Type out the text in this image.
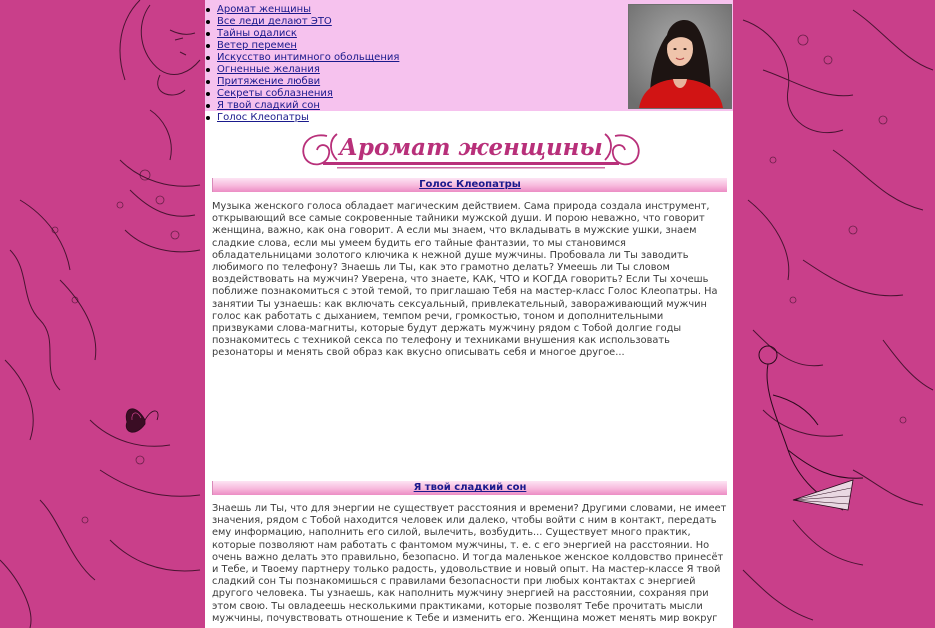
Аромат женщины
Все леди делают ЭТО
Тайны одалиск
Ветер перемен
Искусство интимного обольщения
Огненные желания
Притяжение любви
Секреты соблазнения
Я твой сладкий сон
Голос Клеопатры
Аромат женщины
Голос Клеопатры

Музыка женского голоса обладает магическим действием. Сама природа создала инструмент, открывающий все самые сокровенные тайники мужской души. И порою неважно, что говорит женщина, важно, как она говорит. А если мы знаем, что вкладывать в мужские ушки, знаем сладкие слова, если мы умеем будить его тайные фантазии, то мы становимся обладательницами золотого ключика к нежной душе мужчины. Пробовала ли Ты заводить любимого по телефону? Знаешь ли Ты, как это грамотно делать? Умеешь ли Ты словом воздействовать на мужчин? Уверена, что знаете, КАК, ЧТО и КОГДА говорить? Если Ты хочешь поближе познакомиться с этой темой, то приглашаю Тебя на мастер-класс Голос Клеопатры. На занятии Ты узнаешь: как включать сексуальный, привлекательный, завораживающий мужчин голос как работать с дыханием, темпом речи, громкостью, тоном и дополнительными призвуками слова-магниты, которые будут держать мужчину рядом с Тобой долгие годы познакомитесь с техникой секса по телефону и техниками внушения как использовать резонаторы и менять свой образ как вкусно описывать себя и многое другое...

Я твой сладкий сон

Знаешь ли Ты, что для энергии не существует расстояния и времени? Другими словами, не имеет значения, рядом с Тобой находится человек или далеко, чтобы войти с ним в контакт, передать ему информацию, наполнить его силой, вылечить, возбудить... Существует много практик, которые позволяют нам работать с фантомом мужчины, т. е. с его энергией на расстоянии. Но очень важно делать это правильно, безопасно. И тогда маленькое женское колдовство принесёт и Тебе, и Твоему партнеру только радость, удовольствие и новый опыт. На мастер-классе Я твой сладкий сон Ты познакомишься с правилами безопасности при любых контактах с энергией другого человека. Ты узнаешь, как наполнить мужчину энергией на расстоянии, сохраняя при этом свою. Ты овладеешь несколькими практиками, которые позволят Тебе прочитать мысли мужчины, почувствовать отношение к Тебе и изменить его. Женщина может менять мир вокруг
